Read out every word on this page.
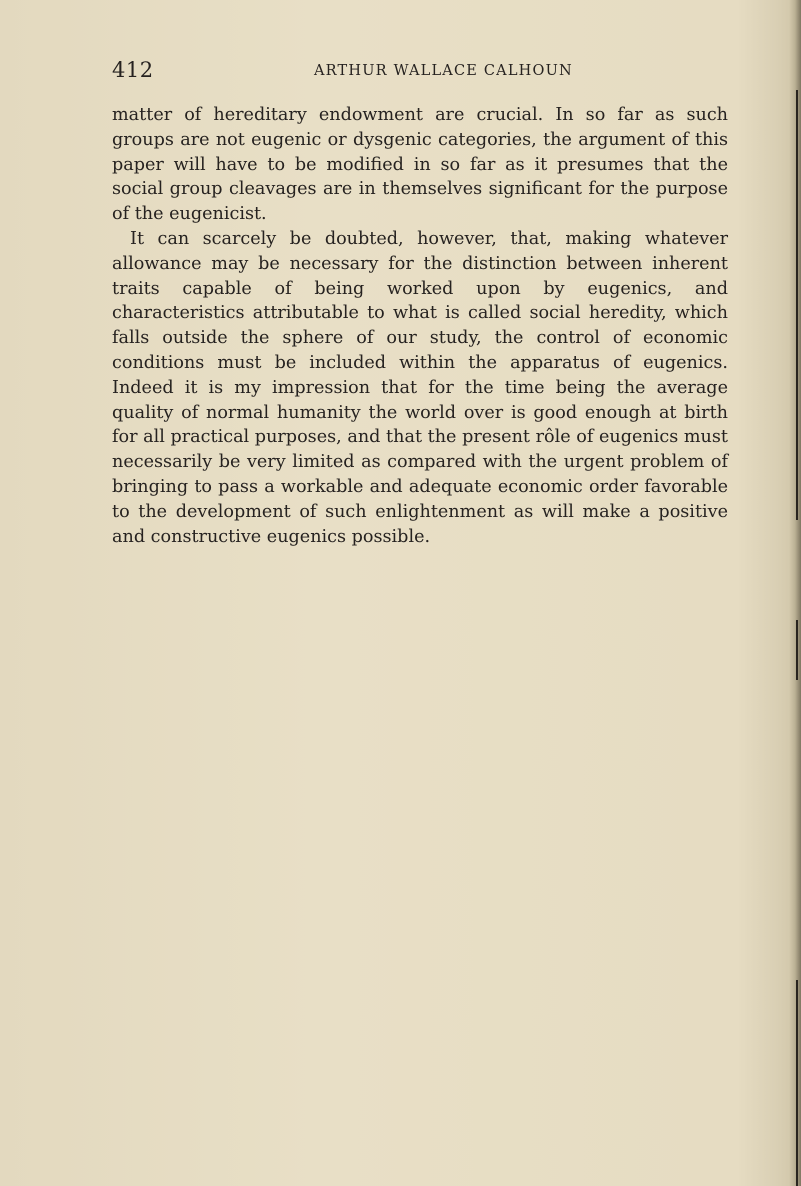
412	ARTHUR WALLACE CALHOUN

matter of hereditary endowment are crucial. In so far as such groups are not eugenic or dysgenic categories, the argument of this paper will have to be modified in so far as it presumes that the social group cleavages are in themselves significant for the purpose of the eugenicist.

It can scarcely be doubted, however, that, making whatever allowance may be necessary for the distinction between inherent traits capable of being worked upon by eugenics, and characteristics attributable to what is called social heredity, which falls outside the sphere of our study, the control of economic conditions must be included within the apparatus of eugenics. Indeed it is my impression that for the time being the average quality of normal humanity the world over is good enough at birth for all practical purposes, and that the present rôle of eugenics must necessarily be very limited as compared with the urgent problem of bringing to pass a workable and adequate economic order favorable to the development of such enlightenment as will make a positive and constructive eugenics possible.
